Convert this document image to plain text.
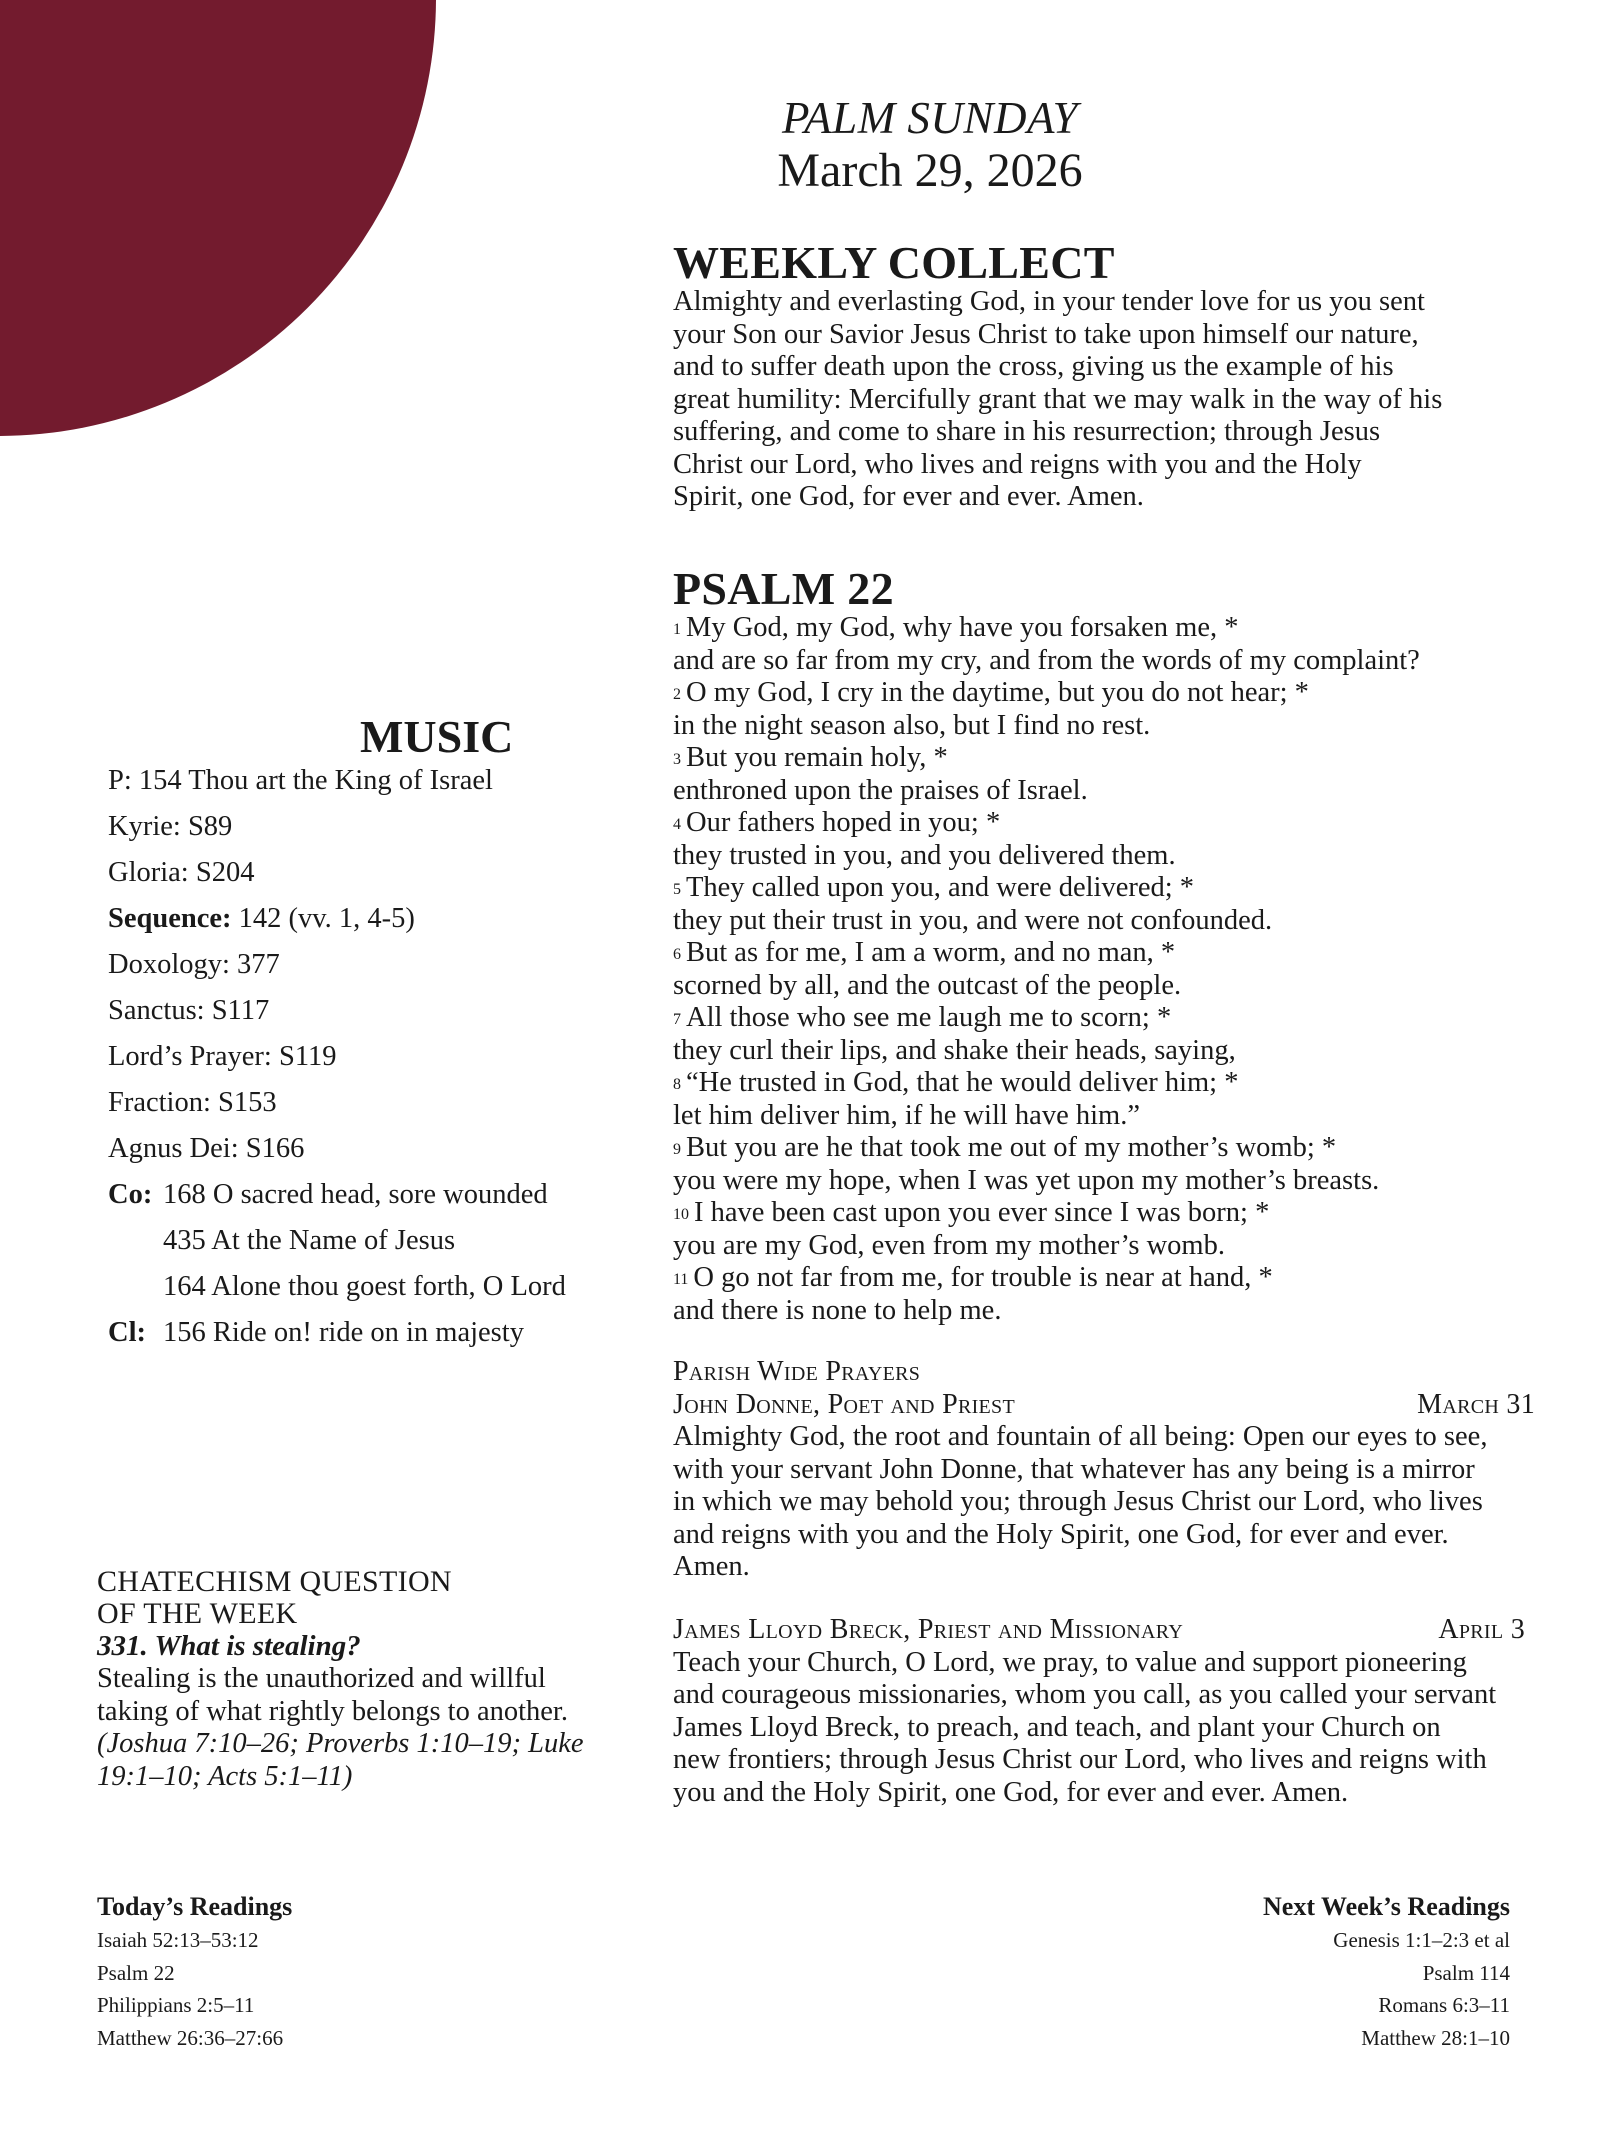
PALM SUNDAY
March 29, 2026
WEEKLY COLLECT
Almighty and everlasting God, in your tender love for us you sent
your Son our Savior Jesus Christ to take upon himself our nature,
and to suffer death upon the cross, giving us the example of his
great humility: Mercifully grant that we may walk in the way of his
suffering, and come to share in his resurrection; through Jesus
Christ our Lord, who lives and reigns with you and the Holy
Spirit, one God, for ever and ever. Amen.
PSALM 22
$^1$ My God, my God, why have you forsaken me, *
and are so far from my cry, and from the words of my complaint?
$^2$ O my God, I cry in the daytime, but you do not hear; *
in the night season also, but I find no rest.
$^3$ But you remain holy, *
enthroned upon the praises of Israel.
$^4$ Our fathers hoped in you; *
they trusted in you, and you delivered them.
$^5$ They called upon you, and were delivered; *
they put their trust in you, and were not confounded.
$^6$ But as for me, I am a worm, and no man, *
scorned by all, and the outcast of the people.
$^7$ All those who see me laugh me to scorn; *
they curl their lips, and shake their heads, saying,
$^8$ “He trusted in God, that he would deliver him; *
let him deliver him, if he will have him.”
$^9$ But you are he that took me out of my mother’s womb; *
you were my hope, when I was yet upon my mother’s breasts.
$^{10}$ I have been cast upon you ever since I was born; *
you are my God, even from my mother’s womb.
$^{11}$ O go not far from me, for trouble is near at hand, *
and there is none to help me.
Parish Wide Prayers
John Donne, Poet and Priest	March 31
Almighty God, the root and fountain of all being: Open our eyes to see,
with your servant John Donne, that whatever has any being is a mirror
in which we may behold you; through Jesus Christ our Lord, who lives
and reigns with you and the Holy Spirit, one God, for ever and ever.
Amen.
James Lloyd Breck, Priest and Missionary	April 3
Teach your Church, O Lord, we pray, to value and support pioneering
and courageous missionaries, whom you call, as you called your servant
James Lloyd Breck, to preach, and teach, and plant your Church on
new frontiers; through Jesus Christ our Lord, who lives and reigns with
you and the Holy Spirit, one God, for ever and ever. Amen.
MUSIC
P: 154 Thou art the King of Israel
Kyrie: S89
Gloria: S204
Sequence: 142 (vv. 1, 4-5)
Doxology: 377
Sanctus: S117
Lord’s Prayer: S119
Fraction: S153
Agnus Dei: S166
Co: 168 O sacred head, sore wounded
435 At the Name of Jesus
164 Alone thou goest forth, O Lord
Cl: 156 Ride on! ride on in majesty
CHATECHISM QUESTION
OF THE WEEK
331. What is stealing?
Stealing is the unauthorized and willful
taking of what rightly belongs to another.
(Joshua 7:10–26; Proverbs 1:10–19; Luke
19:1–10; Acts 5:1–11)
Today’s Readings
Isaiah 52:13–53:12
Psalm 22
Philippians 2:5–11
Matthew 26:36–27:66
Next Week’s Readings
Genesis 1:1–2:3 et al
Psalm 114
Romans 6:3–11
Matthew 28:1–10
